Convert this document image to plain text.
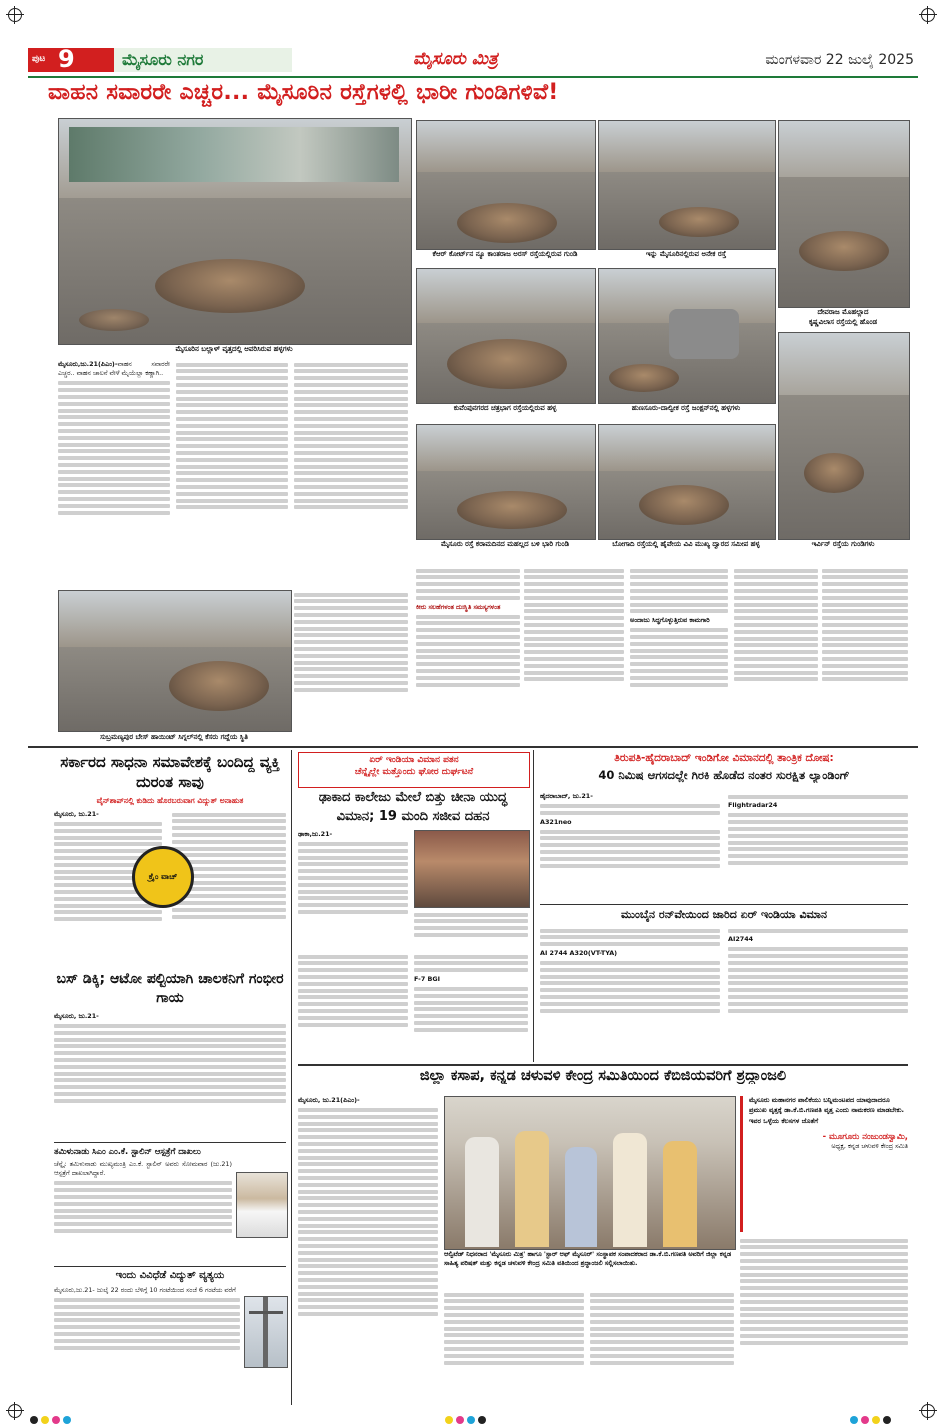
ಪುಟ 9	ಮೈಸೂರು ನಗರ	ಮೈಸೂರು ಮಿತ್ರ	ಮಂಗಳವಾರ 22 ಜುಲೈ 2025
ವಾಹನ ಸವಾರರೇ ಎಚ್ಚರ... ಮೈಸೂರಿನ ರಸ್ತೆಗಳಲ್ಲಿ ಭಾರೀ ಗುಂಡಿಗಳಿವೆ!
ಮೈಸೂರಿನ ಬಲ್ಲಾಳ್ ವೃತ್ತದಲ್ಲಿ ಆವರಿಸಿರುವ ಹಳ್ಳಗಳು
ಕೆಆರ್ ಕೋರ್ಟ್‌ನ ನ್ಯೂ ಕಾಂತರಾಜ ಅರಸ್ ರಸ್ತೆಯಲ್ಲಿರುವ ಗುಂಡಿ	ಇನ್ನು ಮೈಸೂರಿನಲ್ಲಿರುವ ಅನೇಕ ರಸ್ತೆ
ದೇವರಾಜ ಮೊಹಲ್ಲಾದ
ಕೃಷ್ಣವಿಲಾಸ ರಸ್ತೆಯಲ್ಲಿ ಹೊಂಡ
ಕುವೆಂಪುನಗರದ ಚತ್ರಭಾಗ ರಸ್ತೆಯಲ್ಲಿರುವ ಹಳ್ಳ	ಹುಣಸೂರು-ದಾಲ್ವೀಕ ರಸ್ತೆ ಜಂಕ್ಷನ್‌ನಲ್ಲಿ ಹಳ್ಳಗಳು
ಇರ್ವಿನ್ ರಸ್ತೆಯ ಗುಂಡಿಗಳು
ಮೈಸೂರು ರಸ್ತೆ ಕರಾಮದಿನದ ಮಹಲ್ಲದ ಬಳಿ ಭಾರಿ ಗುಂಡಿ	ಬೋಗಾದಿ ರಸ್ತೆಯಲ್ಲಿ ಹೈವೇಯ ವಿವಿ ಮುಖ್ಯ ದ್ವಾರದ ಸಮೀಪ ಹಳ್ಳ

ಮೈಸೂರು,ಜು.21(ಪಿಎಂ)-ವಾಹನ ಸವಾರರೇ ಎಚ್ಚರ.. ವಾಹನ ಚಾಲನೆ ವೇಳೆ ಮೈಯೆಲ್ಲಾ ಕಣ್ಣಾಗಿ..

ಸುಬ್ರಮಣ್ಯಪುರ ಬೇಸ್ ಹಾಯಿಂಟ್ ಸಿಗ್ನಲ್‌ನಲ್ಲಿ ಕೆಸರು ಗದ್ದೆಯ ಸ್ಥಿತಿ

ಕೀರು ಸಲಹೆಗಳಂತ ದುಃಸ್ಥಿತಿ ಸಮಸ್ಯಗಳಂತ

ಅಂದಾಜು ಸಿದ್ಧಗೊಳ್ಳುತ್ತಿರುವ ಕಾಮಗಾರಿ

ಸರ್ಕಾರದ ಸಾಧನಾ ಸಮಾವೇಶಕ್ಕೆ ಬಂದಿದ್ದ ವ್ಯಕ್ತಿ ದುರಂತ ಸಾವು
ವೈನ್‌ಶಾಪ್‌ನಲ್ಲಿ ಕುಡಿದು ಹೊರಬರುವಾಗ ವಿದ್ಯುತ್ ಅನಾಹುತ

ಮೈಸೂರು, ಜು.21-

ಕ್ರೈಂ ವಾಚ್
ಬಸ್ ಡಿಕ್ಕಿ; ಆಟೋ ಪಲ್ಟಿಯಾಗಿ ಚಾಲಕನಿಗೆ ಗಂಭೀರ ಗಾಯ

ಮೈಸೂರು, ಜು.21-

ತಮಿಳುನಾಡು ಸಿಎಂ ಎಂ.ಕೆ. ಸ್ಟಾಲಿನ್ ಆಸ್ಪತ್ರೆಗೆ ದಾಖಲು

ಚೆನ್ನೈ: ತಮಿಳುನಾಡು ಮುಖ್ಯಮಂತ್ರಿ ಎಂ.ಕೆ. ಸ್ಟಾಲಿನ್ ಅವರು ಸೋಮವಾರ (ಜು.21) ಆಸ್ಪತ್ರೆಗೆ ದಾಖಲಾಗಿದ್ದಾರೆ.

ಇಂದು ವಿವಿಧೆಡೆ ವಿದ್ಯುತ್ ವ್ಯತ್ಯಯ

ಮೈಸೂರು,ಜು.21- ಜುಲೈ 22 ರಂದು ಬೆಳಿಗ್ಗೆ 10 ಗಂಟೆಯಿಂದ ಸಂಜೆ 6 ಗಂಟೆಯ ವರೆಗೆ

ಏರ್ ಇಂಡಿಯಾ ವಿಮಾನ ಪತನ
ಚೆನ್ನೈಲ್ಲೇ ಮತ್ತೊಂದು ಘೋರ ದುರ್ಘಟನೆ
ಢಾಕಾದ ಕಾಲೇಜು ಮೇಲೆ ಬಿತ್ತು ಚೀನಾ ಯುದ್ಧ ವಿಮಾನ; 19 ಮಂದಿ ಸಜೀವ ದಹನ

ಢಾಕಾ,ಜು.21-

F-7 BGI

ತಿರುಪತಿ-ಹೈದರಾಬಾದ್ ಇಂಡಿಗೋ ವಿಮಾನದಲ್ಲಿ ತಾಂತ್ರಿಕ ದೋಷ:
40 ನಿಮಿಷ ಆಗಸದಲ್ಲೇ ಗಿರಕಿ ಹೊಡೆದ ನಂತರ ಸುರಕ್ಷಿತ ಲ್ಯಾಂಡಿಂಗ್

ಹೈದರಾಬಾದ್, ಜು.21-

A321neo

Flightradar24

ಮುಂಬೈನ ರನ್‌ವೇಯಿಂದ ಜಾರಿದ ಏರ್ ಇಂಡಿಯಾ ವಿಮಾನ

AI 2744 A320(VT-TYA)

AI2744

ಜಿಲ್ಲಾ ಕಸಾಪ, ಕನ್ನಡ ಚಳುವಳಿ ಕೇಂದ್ರ ಸಮಿತಿಯಿಂದ ಕೆಬಿಜಿಯವರಿಗೆ ಶ್ರದ್ಧಾಂಜಲಿ

ಮೈಸೂರು, ಜು.21(ಪಿಎಂ)-

ಆಲ್ವಿಟೆಡ್ ನಿಧನರಾದ 'ಮೈಸೂರು ಮಿತ್ರ' ಹಾಗೂ 'ಸ್ಟಾರ್ ಆಫ್ ಮೈಸೂರ್' ಸಂಸ್ಥಾಪಕ ಸಂಪಾದಕರಾದ ಡಾ.ಕೆ.ಬಿ.ಗಣಪತಿ ಅವರಿಗೆ ಜಿಲ್ಲಾ ಕನ್ನಡ ಸಾಹಿತ್ಯ ಪರಿಷತ್ ಮತ್ತು ಕನ್ನಡ ಚಳುವಳಿ ಕೇಂದ್ರ ಸಮಿತಿ ವತಿಯಿಂದ ಶ್ರದ್ಧಾಂಜಲಿ ಸಲ್ಲಿಸಲಾಯಿತು.
ಮೈಸೂರು ಮಹಾನಗರ ಪಾಲಿಕೆಯು ಬನ್ನಿಮಂಟಪದ ಯಾವುದಾದರೂ ಪ್ರಮುಖ ವೃತ್ತಕ್ಕೆ ಡಾ.ಕೆ.ಬಿ.ಗಣಪತಿ ವೃತ್ತ ಎಂದು ನಾಮಕರಣ ಮಾಡಬೇಕು.
ಇವರ ಒಳ್ಳೆಯ ಕೆಲಸಗಳ ಜೊತೆಗೆ
- ಮೂಗೂರು ನಂಜುಂಡಸ್ವಾಮಿ,
ಅಧ್ಯಕ್ಷ, ಕನ್ನಡ ಚಳುವಳಿ ಕೇಂದ್ರ ಸಮಿತಿ
